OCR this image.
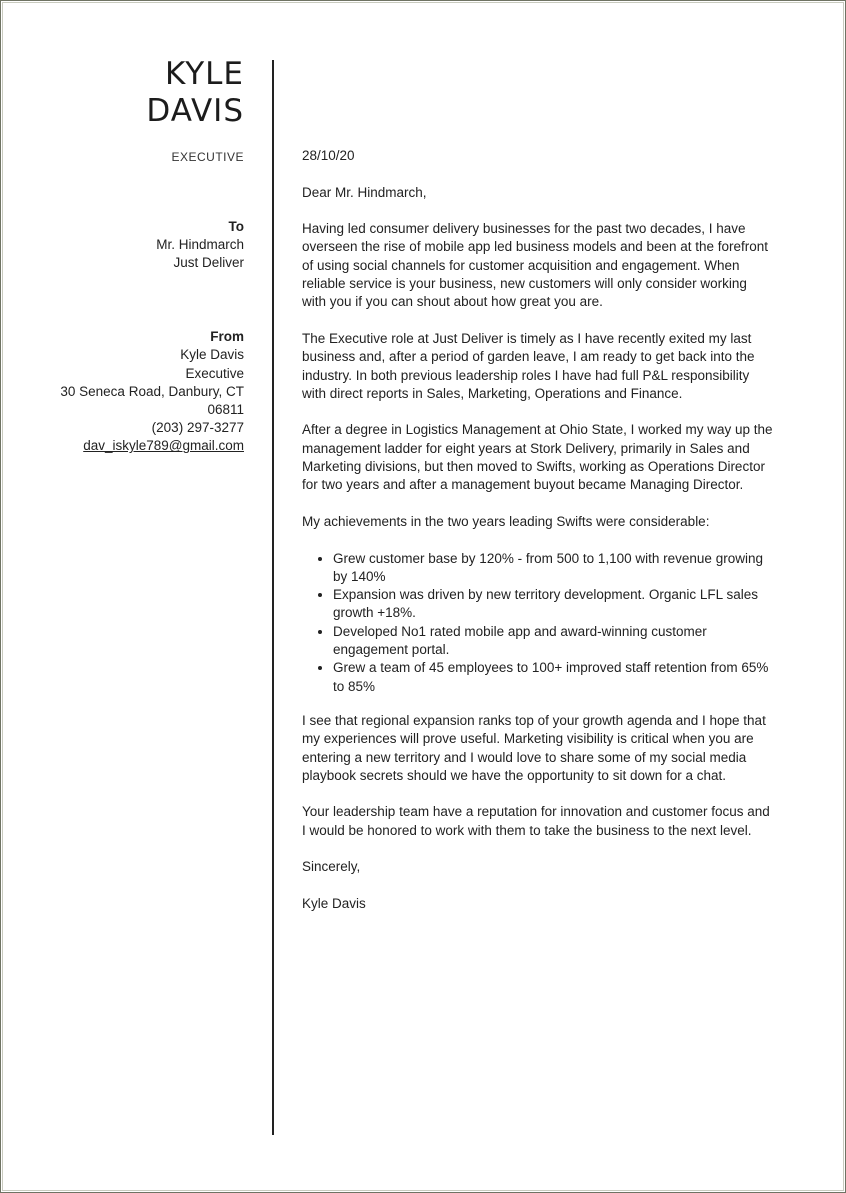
KYLE
DAVIS
EXECUTIVE
To
Mr. Hindmarch
Just Deliver
From
Kyle Davis
Executive
30 Seneca Road, Danbury, CT
06811
(203) 297-3277
dav_iskyle789@gmail.com

28/10/20

Dear Mr. Hindmarch,

Having led consumer delivery businesses for the past two decades, I have overseen the rise of mobile app led business models and been at the forefront of using social channels for customer acquisition and engagement. When reliable service is your business, new customers will only consider working with you if you can shout about how great you are.

The Executive role at Just Deliver is timely as I have recently exited my last business and, after a period of garden leave, I am ready to get back into the industry. In both previous leadership roles I have had full P&L responsibility with direct reports in Sales, Marketing, Operations and Finance.

After a degree in Logistics Management at Ohio State, I worked my way up the management ladder for eight years at Stork Delivery, primarily in Sales and Marketing divisions, but then moved to Swifts, working as Operations Director for two years and after a management buyout became Managing Director.

My achievements in the two years leading Swifts were considerable:

• Grew customer base by 120% - from 500 to 1,100 with revenue growing by 140%
• Expansion was driven by new territory development. Organic LFL sales growth +18%.
• Developed No1 rated mobile app and award-winning customer engagement portal.
• Grew a team of 45 employees to 100+ improved staff retention from 65% to 85%

I see that regional expansion ranks top of your growth agenda and I hope that my experiences will prove useful. Marketing visibility is critical when you are entering a new territory and I would love to share some of my social media playbook secrets should we have the opportunity to sit down for a chat.

Your leadership team have a reputation for innovation and customer focus and I would be honored to work with them to take the business to the next level.

Sincerely,

Kyle Davis
